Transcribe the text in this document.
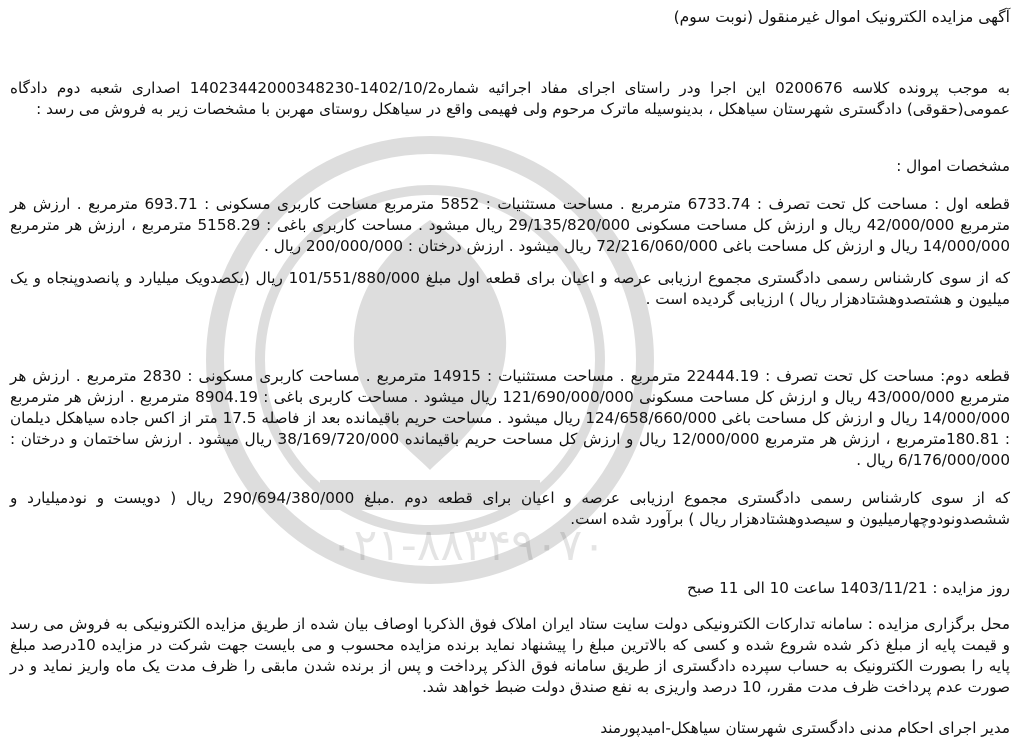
۰۲۱-۸۸۳۴۹۰۷۰
آگهی مزایده الکترونیک اموال غیرمنقول (نوبت سوم)
به موجب پرونده کلاسه 0200676 این اجرا ودر راستای اجرای مفاد اجرائیه شماره1402/10/2-14023442000348230 اصداری شعبه دوم دادگاه عمومی(حقوقی) دادگستری شهرستان سیاهکل ، بدینوسیله ماترک مرحوم ولی فهیمی واقع در سیاهکل روستای مهربن با مشخصات زیر به فروش می رسد :
مشخصات اموال :
قطعه اول : مساحت کل تحت تصرف : 6733.74 مترمربع . مساحت مستثنیات : 5852 مترمربع مساحت کاربری مسکونی : 693.71 مترمربع . ارزش هر مترمربع 42/000/000 ریال و ارزش کل مساحت مسکونی 29/135/820/000 ریال میشود . مساحت کاربری باغی : 5158.29 مترمربع ، ارزش هر مترمربع 14/000/000 ریال و ارزش کل مساحت باغی 72/216/060/000 ریال میشود . ارزش درختان : 200/000/000 ریال .
که از سوی کارشناس رسمی دادگستری مجموع ارزیابی عرصه و اعیان برای قطعه اول مبلغ 101/551/880/000 ریال (یکصدویک میلیارد و پانصدوپنجاه و یک میلیون و هشتصدوهشتادهزار ریال ) ارزیابی گردیده است .
قطعه دوم: مساحت کل تحت تصرف : 22444.19 مترمربع . مساحت مستثنیات : 14915 مترمربع . مساحت کاربری مسکونی : 2830 مترمربع . ارزش هر مترمربع 43/000/000 ریال و ارزش کل مساحت مسکونی 121/690/000/000 ریال میشود . مساحت کاربری باغی : 8904.19 مترمربع . ارزش هر مترمربع 14/000/000 ریال و ارزش کل مساحت باغی 124/658/660/000 ریال میشود . مساحت حریم باقیمانده بعد از فاصله 17.5 متر از اکس جاده سیاهکل دیلمان : 180.81مترمربع ، ارزش هر مترمربع 12/000/000 ریال و ارزش کل مساحت حریم باقیمانده 38/169/720/000 ریال میشود . ارزش ساختمان و درختان : 6/176/000/000 ریال .
که از سوی کارشناس رسمی دادگستری مجموع ارزیابی عرصه و اعیان برای قطعه دوم .مبلغ 290/694/380/000 ریال ( دویست و نودمیلیارد و ششصدونودوچهارمیلیون و سیصدوهشتادهزار ریال ) برآورد شده است.
روز مزایده : 1403/11/21 ساعت 10 الی 11 صبح
محل برگزاری مزایده : سامانه تدارکات الکترونیکی دولت سایت ستاد ایران املاک فوق الذکربا اوصاف بیان شده از طریق مزایده الکترونیکی به فروش می رسد و قیمت پایه از مبلغ ذکر شده شروع شده و کسی که بالاترین مبلغ را پیشنهاد نماید برنده مزایده محسوب و می بایست جهت شرکت در مزایده 10درصد مبلغ پایه را بصورت الکترونیک به حساب سپرده دادگستری از طریق سامانه فوق الذکر پرداخت و پس از برنده شدن مابقی را ظرف مدت یک ماه واریز نماید و در صورت عدم پرداخت ظرف مدت مقرر، 10 درصد واریزی به نفع صندق دولت ضبط خواهد شد.
مدیر اجرای احکام مدنی دادگستری شهرستان سیاهکل-امیدپورمند
